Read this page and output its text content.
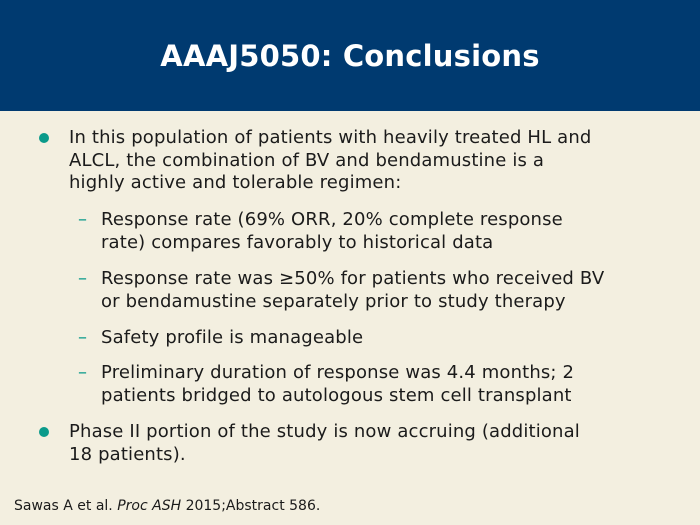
AAAJ5050: Conclusions
In this population of patients with heavily treated HL and
ALCL, the combination of BV and bendamustine is a
highly active and tolerable regimen:
– Response rate (69% ORR, 20% complete response
rate) compares favorably to historical data
– Response rate was ≥50% for patients who received BV
or bendamustine separately prior to study therapy
– Safety profile is manageable
– Preliminary duration of response was 4.4 months; 2
patients bridged to autologous stem cell transplant
Phase II portion of the study is now accruing (additional
18 patients).
Sawas A et al. Proc ASH 2015;Abstract 586.
